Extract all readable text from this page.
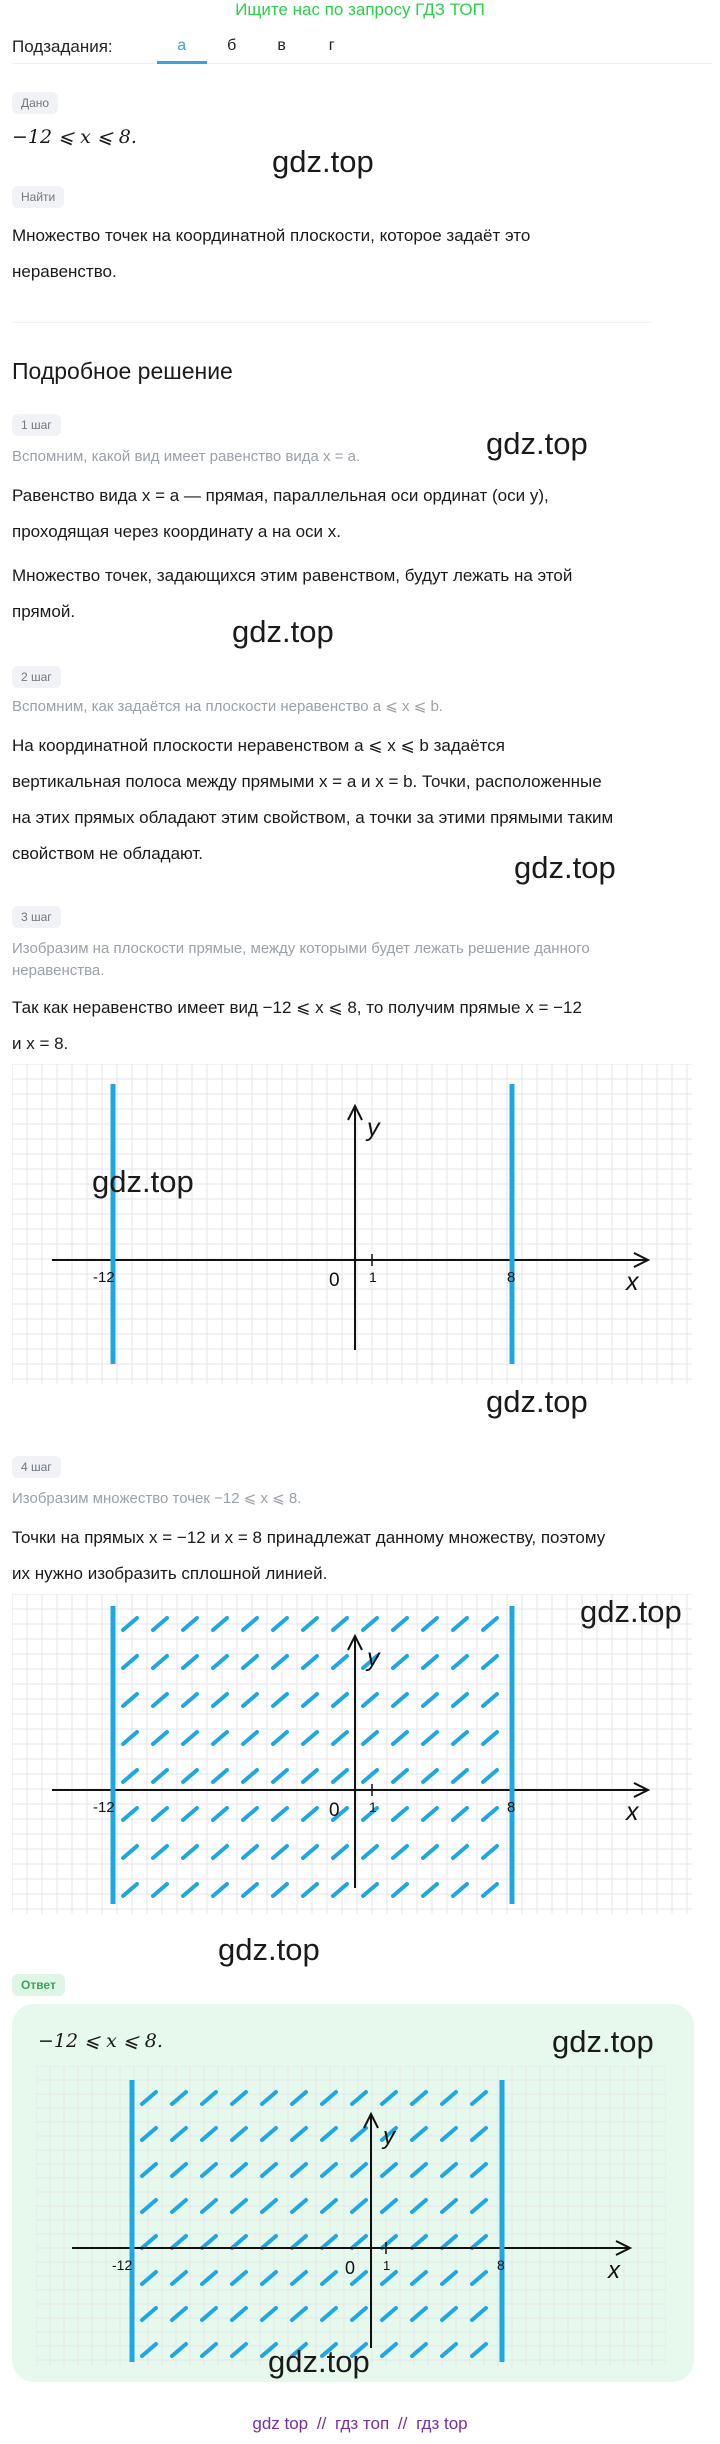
Ищите нас по запросу ГДЗ ТОП
Подзадания:	а	б	в	г
Дано
−12 ⩽ x ⩽ 8.
gdz.top
Найти
Множество точек на координатной плоскости, которое задаёт это
неравенство.
Подробное решение
1 шаг
gdz.top
Вспомним, какой вид имеет равенство вида x = a.
Равенство вида x = a — прямая, параллельная оси ординат (оси y),
проходящая через координату a на оси x.
Множество точек, задающихся этим равенством, будут лежать на этой
прямой.
gdz.top
2 шаг
Вспомним, как задаётся на плоскости неравенство a ⩽ x ⩽ b.
На координатной плоскости неравенством a ⩽ x ⩽ b задаётся
вертикальная полоса между прямыми x = a и x = b. Точки, расположенные
на этих прямых обладают этим свойством, а точки за этими прямыми таким
свойством не обладают.	gdz.top
3 шаг
Изобразим на плоскости прямые, между которыми будет лежать решение данного
неравенства.
Так как неравенство имеет вид −12 ⩽ x ⩽ 8, то получим прямые x = −12
и x = 8.
-12	8
0 1	x
y
gdz.top
gdz.top
4 шаг
Изобразим множество точек −12 ⩽ x ⩽ 8.
Точки на прямых x = −12 и x = 8 принадлежат данному множеству, поэтому
их нужно изобразить сплошной линией.
-12	8
0 1	x
y
gdz.top
gdz.top
Ответ
−12 ⩽ x ⩽ 8.	gdz.top
-12	8
0 1	x
y
gdz.top
gdz top // гдз топ // гдз top
